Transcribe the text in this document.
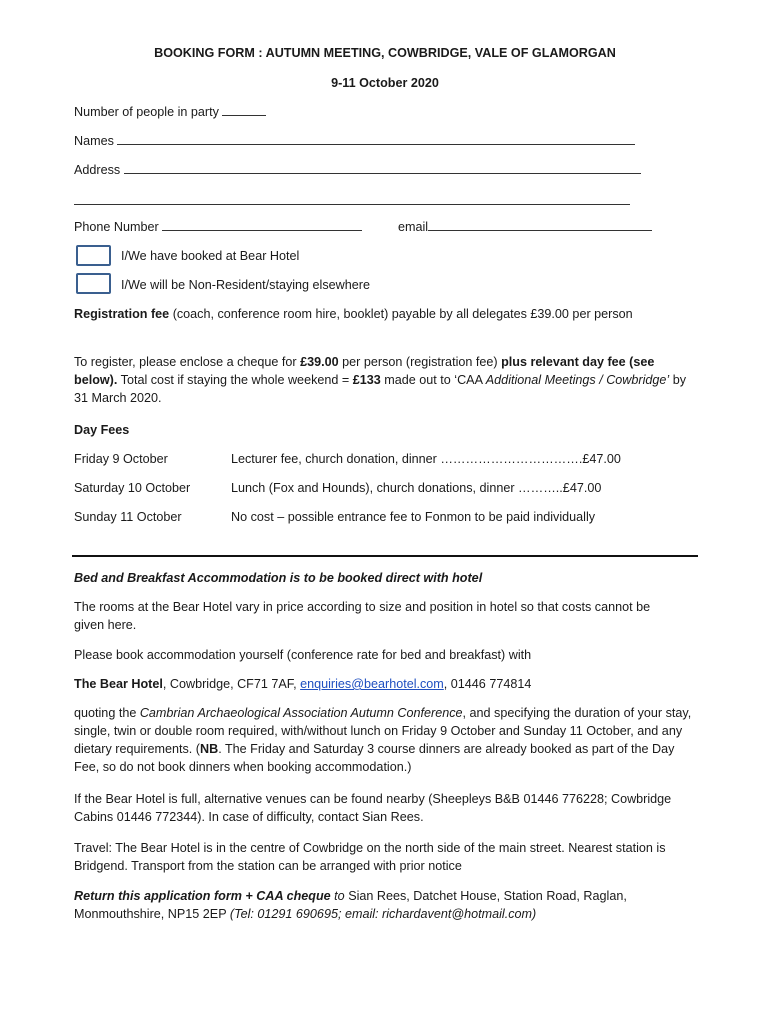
BOOKING FORM : AUTUMN MEETING, COWBRIDGE, VALE OF GLAMORGAN
9-11 October 2020
Number of people in party
Names
Address
Phone Number	email
I/We have booked at Bear Hotel
I/We will be Non-Resident/staying elsewhere
Registration fee (coach, conference room hire, booklet) payable by all delegates £39.00 per person
To register, please enclose a cheque for £39.00 per person (registration fee) plus relevant day fee (see below). Total cost if staying the whole weekend = £133 made out to ‘CAA Additional Meetings / Cowbridge’ by 31 March 2020.
Day Fees
Friday 9 October	Lecturer fee, church donation, dinner …………………………….£47.00
Saturday 10 October	Lunch (Fox and Hounds), church donations, dinner ………..£47.00
Sunday 11 October	No cost – possible entrance fee to Fonmon to be paid individually
Bed and Breakfast Accommodation is to be booked direct with hotel
The rooms at the Bear Hotel vary in price according to size and position in hotel so that costs cannot be given here.
Please book accommodation yourself (conference rate for bed and breakfast) with
The Bear Hotel, Cowbridge, CF71 7AF, enquiries@bearhotel.com, 01446 774814
quoting the Cambrian Archaeological Association Autumn Conference, and specifying the duration of your stay, single, twin or double room required, with/without lunch on Friday 9 October and Sunday 11 October, and any dietary requirements. (NB. The Friday and Saturday 3 course dinners are already booked as part of the Day Fee, so do not book dinners when booking accommodation.)
If the Bear Hotel is full, alternative venues can be found nearby (Sheepleys B&B 01446 776228; Cowbridge Cabins 01446 772344). In case of difficulty, contact Sian Rees.
Travel: The Bear Hotel is in the centre of Cowbridge on the north side of the main street. Nearest station is Bridgend. Transport from the station can be arranged with prior notice
Return this application form + CAA cheque to Sian Rees, Datchet House, Station Road, Raglan, Monmouthshire, NP15 2EP (Tel: 01291 690695; email: richardavent@hotmail.com)
